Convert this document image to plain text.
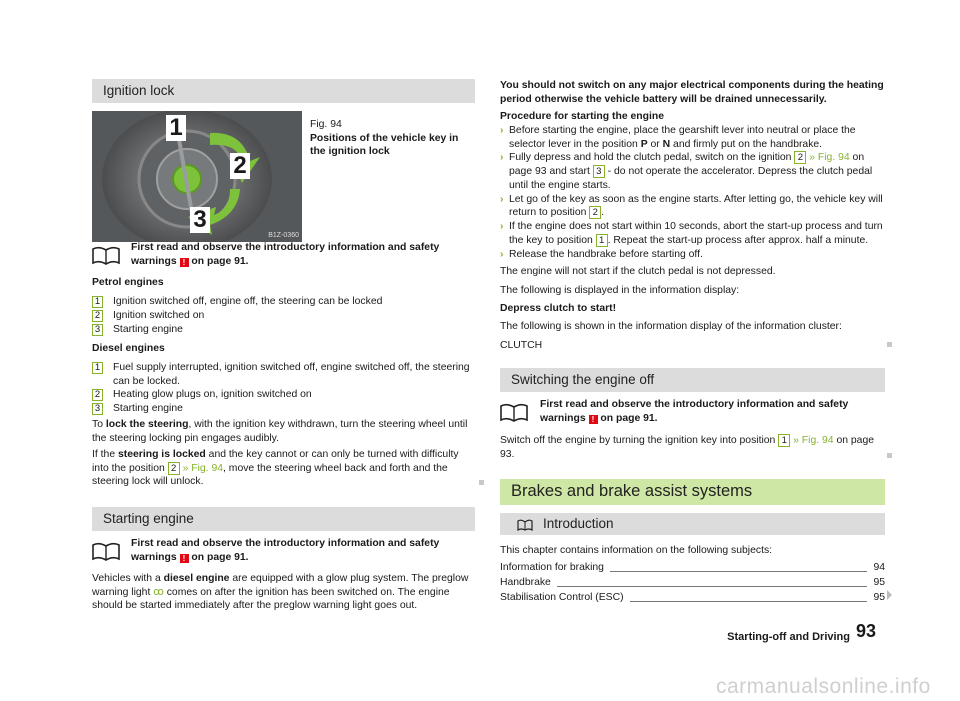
Ignition lock
1
2
3
B1Z-0360
Fig. 94
Positions of the vehicle key in the ignition lock
First read and observe the introductory information and safety warnings ! on page 91.
Petrol engines
1 Ignition switched off, engine off, the steering can be locked
2 Ignition switched on
3 Starting engine
Diesel engines
1 Fuel supply interrupted, ignition switched off, engine switched off, the steering can be locked.
2 Heating glow plugs on, ignition switched on
3 Starting engine
To lock the steering, with the ignition key withdrawn, turn the steering wheel until the steering locking pin engages audibly.
If the steering is locked and the key cannot or can only be turned with difficulty into the position 2 » Fig. 94, move the steering wheel back and forth and the steering lock will unlock.
Starting engine
First read and observe the introductory information and safety warnings ! on page 91.
Vehicles with a diesel engine are equipped with a glow plug system. The preglow warning light ꝏ comes on after the ignition has been switched on. The engine should be started immediately after the preglow warning light goes out.
You should not switch on any major electrical components during the heating period otherwise the vehicle battery will be drained unnecessarily.
Procedure for starting the engine
› Before starting the engine, place the gearshift lever into neutral or place the selector lever in the position P or N and firmly put on the handbrake.
› Fully depress and hold the clutch pedal, switch on the ignition 2 » Fig. 94 on page 93 and start 3 - do not operate the accelerator. Depress the clutch pedal until the engine starts.
› Let go of the key as soon as the engine starts. After letting go, the vehicle key will return to position 2 .
› If the engine does not start within 10 seconds, abort the start-up process and turn the key to position 1 . Repeat the start-up process after approx. half a minute.
› Release the handbrake before starting off.
The engine will not start if the clutch pedal is not depressed.
The following is displayed in the information display:
Depress clutch to start!
The following is shown in the information display of the information cluster:
CLUTCH
Switching the engine off
First read and observe the introductory information and safety warnings ! on page 91.
Switch off the engine by turning the ignition key into position 1 » Fig. 94 on page 93.
Brakes and brake assist systems
Introduction
This chapter contains information on the following subjects:
Information for braking	94
Handbrake	95
Stabilisation Control (ESC)	95
Starting-off and Driving 93
carmanualsonline.info
